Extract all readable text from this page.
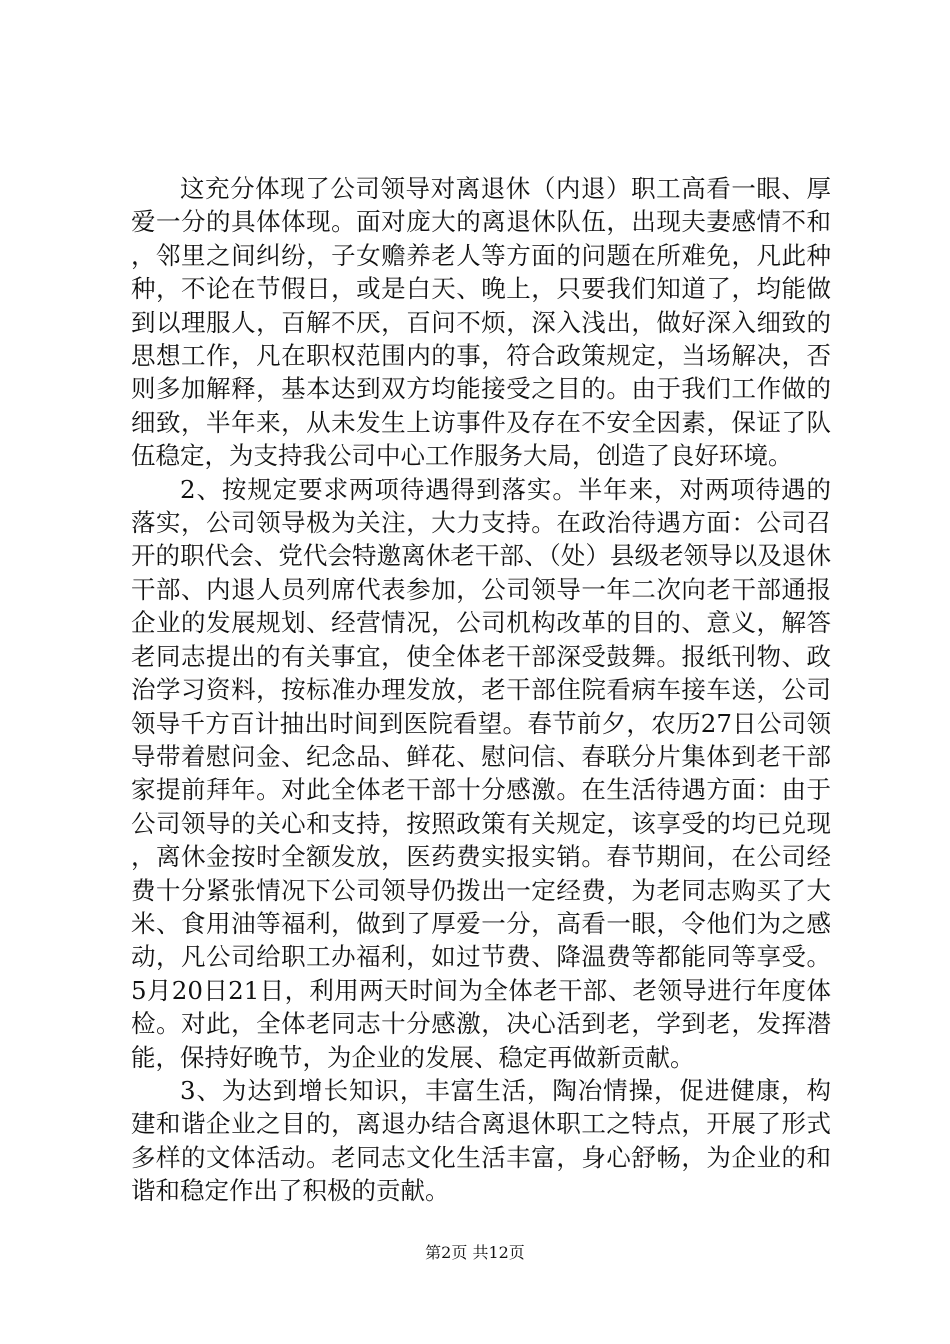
这充分体现了公司领导对离退休（内退）职工高看一眼、厚爱一分的具体体现。面对庞大的离退休队伍，出现夫妻感情不和，邻里之间纠纷，子女赡养老人等方面的问题在所难免，凡此种种，不论在节假日，或是白天、晚上，只要我们知道了，均能做到以理服人，百解不厌，百问不烦，深入浅出，做好深入细致的思想工作，凡在职权范围内的事，符合政策规定，当场解决，否则多加解释，基本达到双方均能接受之目的。由于我们工作做的细致，半年来，从未发生上访事件及存在不安全因素，保证了队伍稳定，为支持我公司中心工作服务大局，创造了良好环境。

2、按规定要求两项待遇得到落实。半年来，对两项待遇的落实，公司领导极为关注，大力支持。在政治待遇方面：公司召开的职代会、党代会特邀离休老干部、（处）县级老领导以及退休干部、内退人员列席代表参加，公司领导一年二次向老干部通报企业的发展规划、经营情况，公司机构改革的目的、意义，解答老同志提出的有关事宜，使全体老干部深受鼓舞。报纸刊物、政治学习资料，按标准办理发放，老干部住院看病车接车送，公司领导千方百计抽出时间到医院看望。春节前夕，农历27日公司领导带着慰问金、纪念品、鲜花、慰问信、春联分片集体到老干部家提前拜年。对此全体老干部十分感激。在生活待遇方面：由于公司领导的关心和支持，按照政策有关规定，该享受的均已兑现，离休金按时全额发放，医药费实报实销。春节期间，在公司经费十分紧张情况下公司领导仍拨出一定经费，为老同志购买了大米、食用油等福利，做到了厚爱一分，高看一眼，令他们为之感动，凡公司给职工办福利，如过节费、降温费等都能同等享受。5月20日21日，利用两天时间为全体老干部、老领导进行年度体检。对此，全体老同志十分感激，决心活到老，学到老，发挥潜能，保持好晚节，为企业的发展、稳定再做新贡献。

3、为达到增长知识，丰富生活，陶冶情操，促进健康，构建和谐企业之目的，离退办结合离退休职工之特点，开展了形式多样的文体活动。老同志文化生活丰富，身心舒畅，为企业的和谐和稳定作出了积极的贡献。

第2页 共12页
